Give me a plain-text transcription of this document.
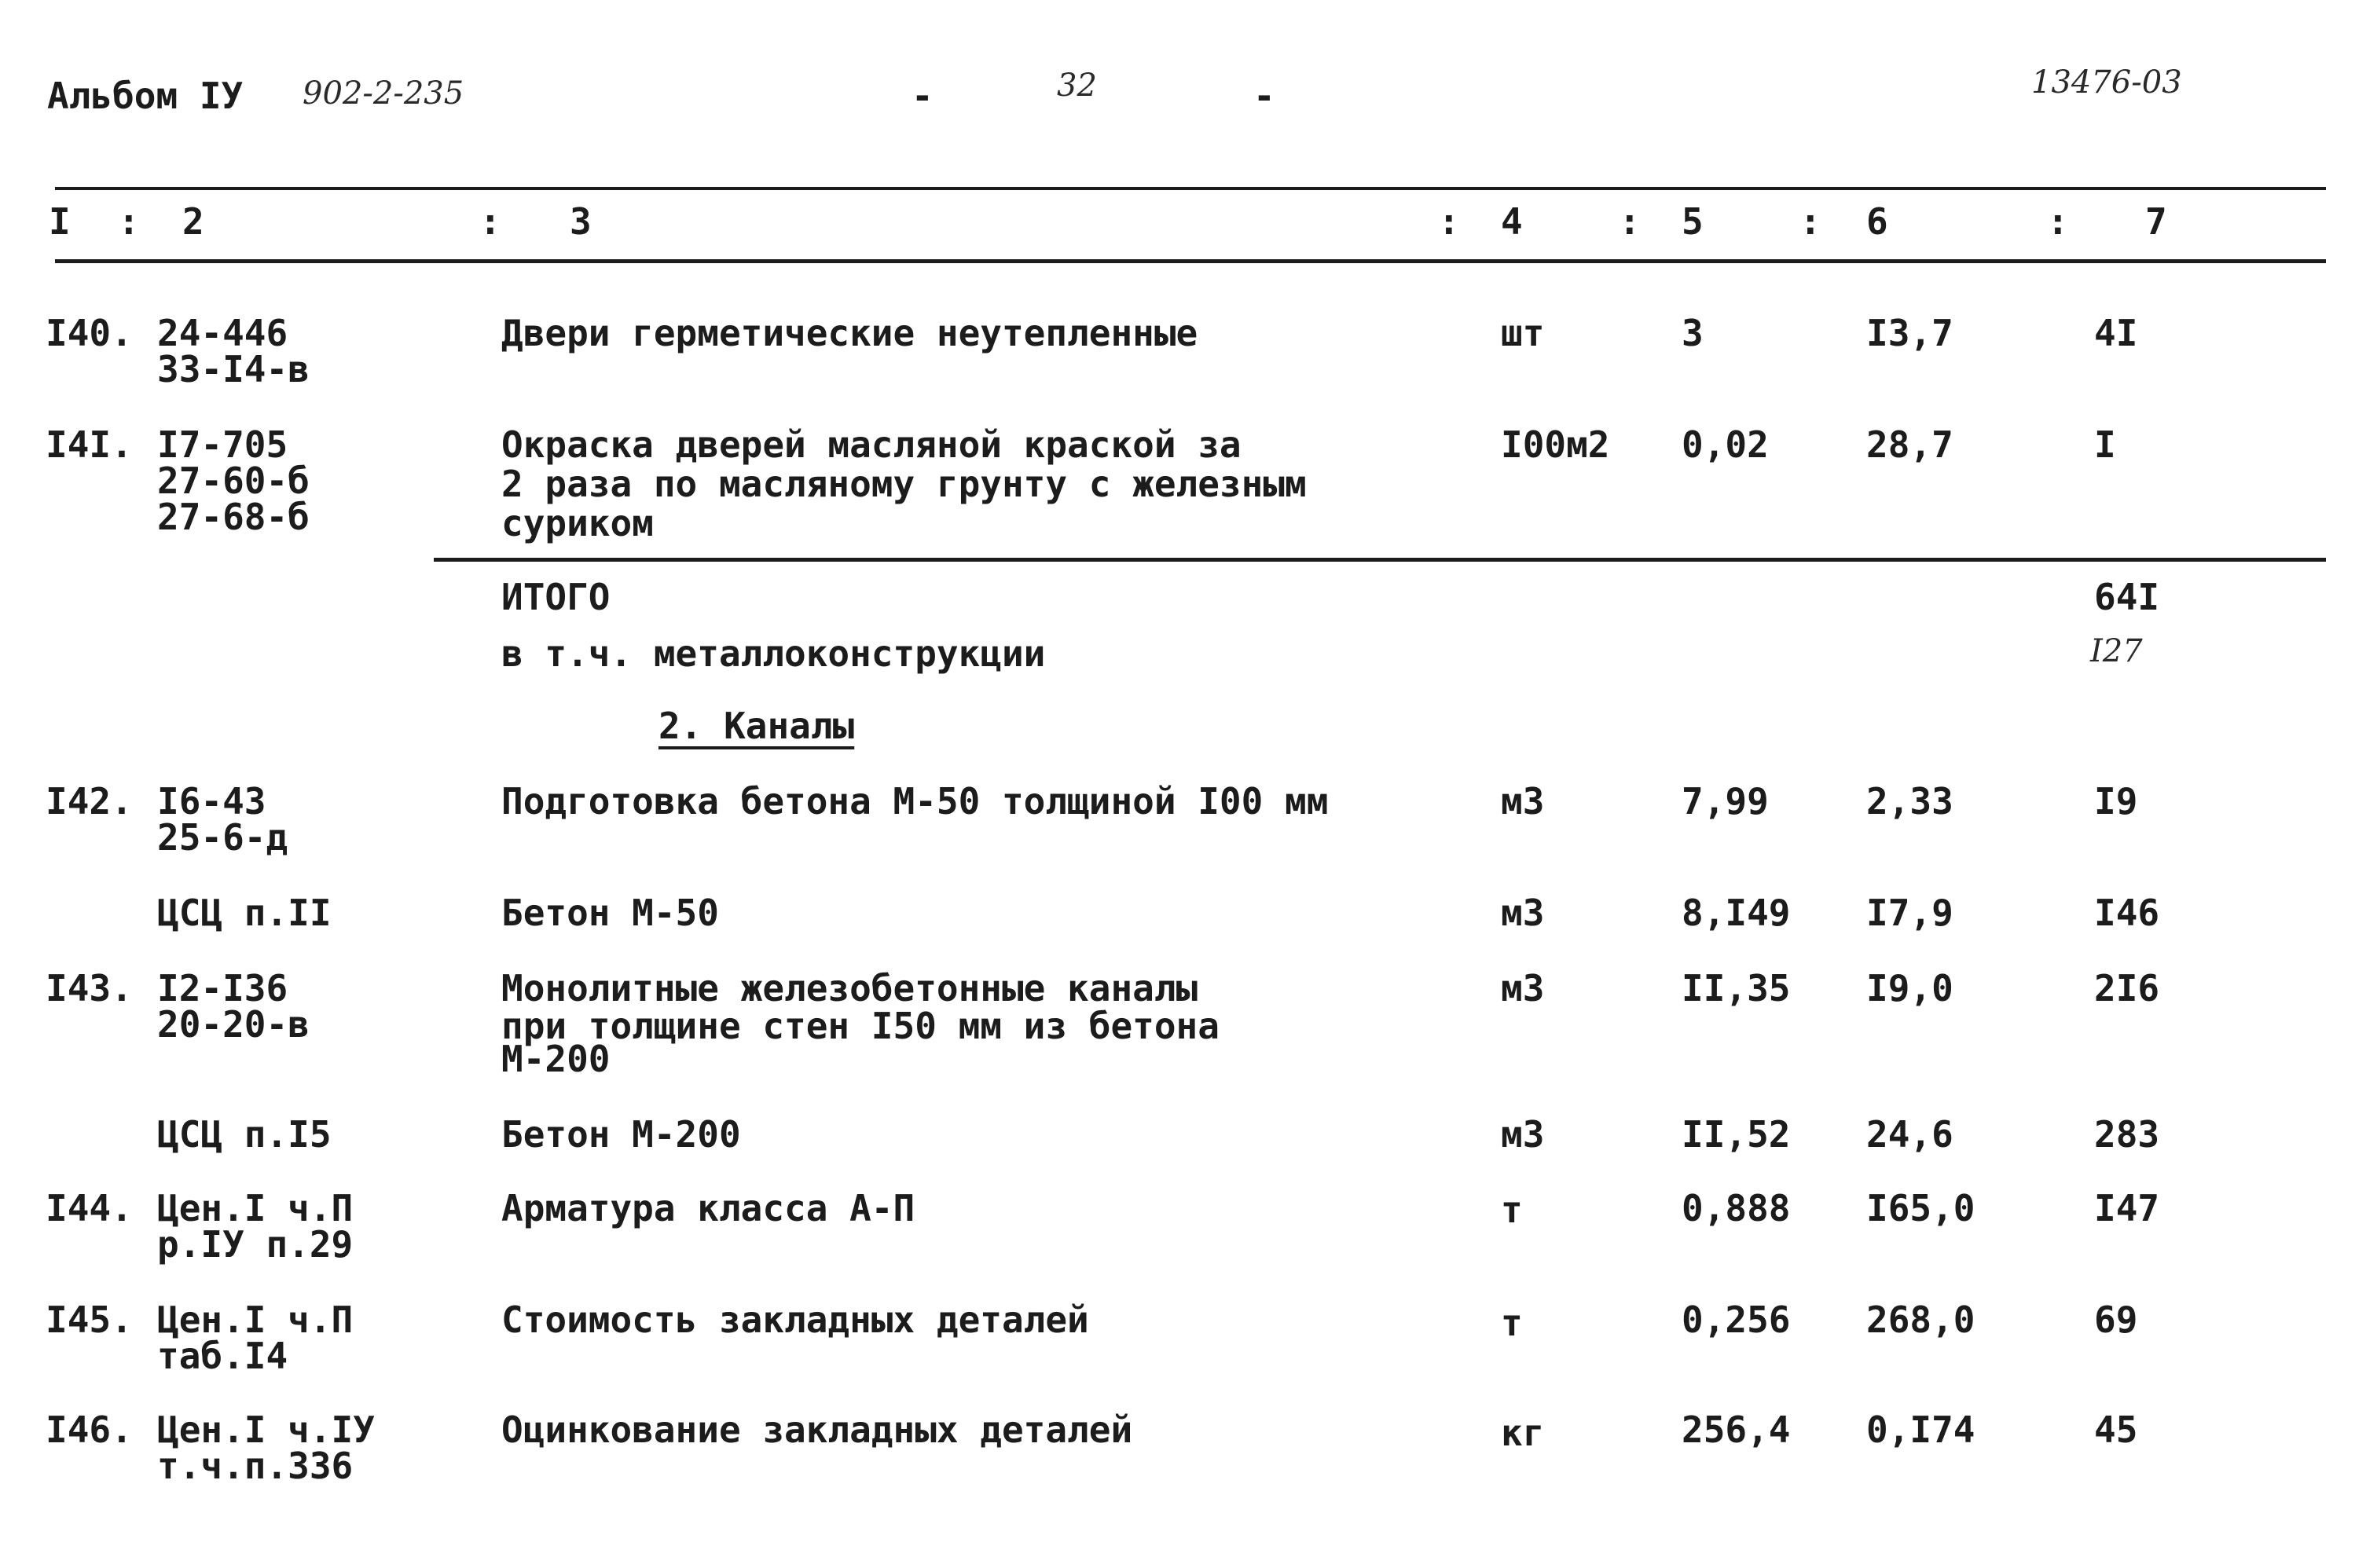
Альбом IУ 902-2-235	-	32	-	13476-03
I : 2	: 3	: 4	: 5	: 6	: 7
I40. 24-446
33-I4-в
Двери герметические неутепленные	шт	3	I3,7	4I
I4I. I7-705
27-60-б
27-68-б
Окраска дверей масляной краской за
2 раза по масляному грунту с железным
суриком
I00м2 0,02	28,7	I
ИТОГО	64I
в т.ч. металлоконструкции	I27
2. Каналы
I42. I6-43
25-6-д
Подготовка бетона М-50 толщиной I00 мм	м3	7,99	2,33	I9
ЦСЦ п.II	Бетон М-50	м3	8,I49 I7,9	I46
I43. I2-I36
20-20-в
Монолитные железобетонные каналы
при толщине стен I50 мм из бетона
М-200
м3	II,35 I9,0	2I6
ЦСЦ п.I5	Бетон М-200	м3	II,52 24,6	283
I44. Цен.I ч.П
р.IУ п.29
Арматура класса А-П	т	0,888 I65,0	I47
I45. Цен.I ч.П
таб.I4
Стоимость закладных деталей	т	0,256 268,0	69
I46. Цен.I ч.IУ
т.ч.п.336
Оцинкование закладных деталей	кг	256,4 0,I74	45
